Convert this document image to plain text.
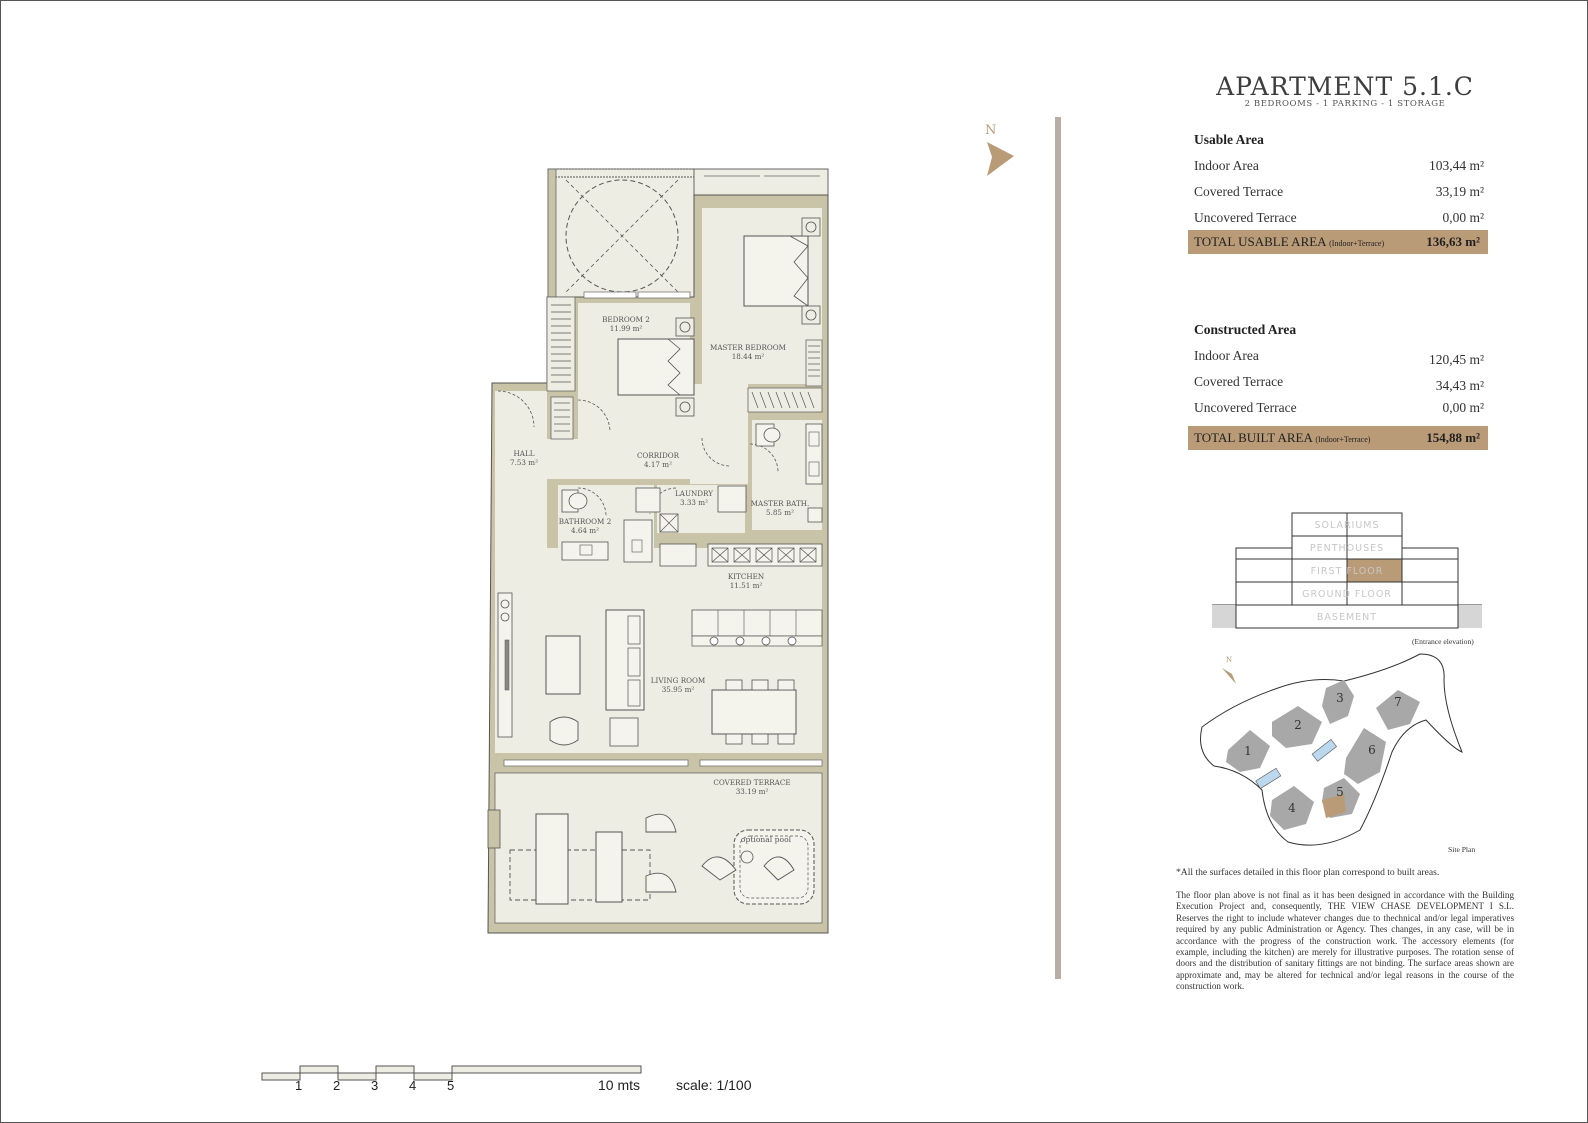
N
BEDROOM 2
11.99 m²
MASTER BEDROOM
18.44 m²
HALL
7.53 m²
CORRIDOR
4.17 m²
LAUNDRY
3.33 m²	MASTER BATH.
5.85 m²
BATHROOM 2
4.64 m²
KITCHEN
11.51 m²
LIVING ROOM
35.95 m²
COVERED TERRACE
33.19 m²
optional pool
SOLARIUMS
PENTHOUSES
FIRST FLOOR
GROUND FLOOR
BASEMENT
N
1
2
3
4
5
6
7
APARTMENT 5.1.C
2 BEDROOMS - 1 PARKING - 1 STORAGE
Usable Area
Indoor Area	103,44 m²
Covered Terrace	33,19 m²
Uncovered Terrace	0,00 m²
TOTAL USABLE AREA (Indoor+Terrace)	136,63 m²
Constructed Area
Indoor Area	120,45 m²
Covered Terrace	34,43 m²
Uncovered Terrace	0,00 m²
TOTAL BUILT AREA (Indoor+Terrace)	154,88 m²
(Entrance elevation)
Site Plan
*All the surfaces detailed in this floor plan correspond to built areas.
The floor plan above is not final as it has been designed in accordance with the Building Execution Project and, consequently, THE VIEW CHASE DEVELOPMENT I S.L. Reserves the right to include whatever changes due to thechnical and/or legal imperatives required by any public Administration or Agency. Thes changes, in any case, will be in accordance with the progress of the construction work. The accessory elements (for example, including the kitchen) are merely for illustrative purposes. The rotation sense of doors and the distribution of sanitary fittings are not binding. The surface areas shown are approximate and, may be altered for technical and/or legal reasons in the course of the construction work.
1 2 3 4 5	10 mts	scale: 1/100
